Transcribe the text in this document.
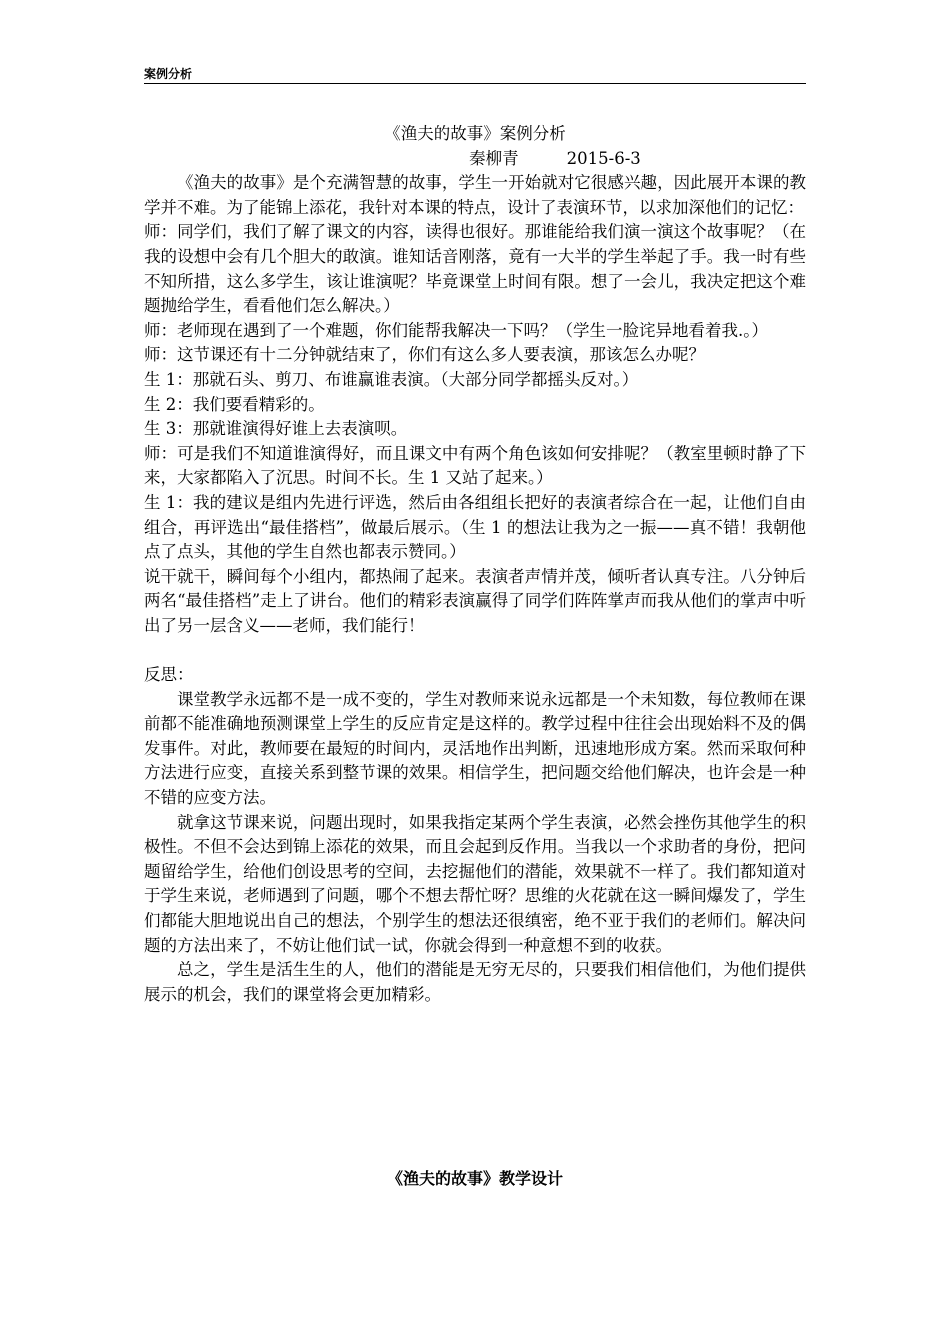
案例分析

《渔夫的故事》案例分析

秦柳青	2015-6-3

《渔夫的故事》是个充满智慧的故事，学生一开始就对它很感兴趣，因此展开本课的教学并不难。为了能锦上添花，我针对本课的特点，设计了表演环节，以求加深他们的记忆：

师：同学们，我们了解了课文的内容，读得也很好。那谁能给我们演一演这个故事呢？（在我的设想中会有几个胆大的敢演。谁知话音刚落，竟有一大半的学生举起了手。我一时有些不知所措，这么多学生，该让谁演呢？毕竟课堂上时间有限。想了一会儿，我决定把这个难题抛给学生，看看他们怎么解决。）

师：老师现在遇到了一个难题，你们能帮我解决一下吗？（学生一脸诧异地看着我.。）

师：这节课还有十二分钟就结束了，你们有这么多人要表演，那该怎么办呢？

生 1：那就石头、剪刀、布谁赢谁表演。（大部分同学都摇头反对。）

生 2：我们要看精彩的。

生 3：那就谁演得好谁上去表演呗。

师：可是我们不知道谁演得好，而且课文中有两个角色该如何安排呢？（教室里顿时静了下来，大家都陷入了沉思。时间不长。生 1 又站了起来。）

生 1：我的建议是组内先进行评选，然后由各组组长把好的表演者综合在一起，让他们自由组合，再评选出“最佳搭档”，做最后展示。（生 1 的想法让我为之一振——真不错！我朝他点了点头，其他的学生自然也都表示赞同。）

说干就干，瞬间每个小组内，都热闹了起来。表演者声情并茂，倾听者认真专注。八分钟后两名“最佳搭档”走上了讲台。他们的精彩表演赢得了同学们阵阵掌声而我从他们的掌声中听出了另一层含义——老师，我们能行！

反思：

课堂教学永远都不是一成不变的，学生对教师来说永远都是一个未知数，每位教师在课前都不能准确地预测课堂上学生的反应肯定是这样的。教学过程中往往会出现始料不及的偶发事件。对此，教师要在最短的时间内，灵活地作出判断，迅速地形成方案。然而采取何种方法进行应变，直接关系到整节课的效果。相信学生，把问题交给他们解决，也许会是一种不错的应变方法。

就拿这节课来说，问题出现时，如果我指定某两个学生表演，必然会挫伤其他学生的积极性。不但不会达到锦上添花的效果，而且会起到反作用。当我以一个求助者的身份，把问题留给学生，给他们创设思考的空间，去挖掘他们的潜能，效果就不一样了。我们都知道对于学生来说，老师遇到了问题，哪个不想去帮忙呀？思维的火花就在这一瞬间爆发了，学生们都能大胆地说出自己的想法，个别学生的想法还很缜密，绝不亚于我们的老师们。解决问题的方法出来了，不妨让他们试一试，你就会得到一种意想不到的收获。

总之，学生是活生生的人，他们的潜能是无穷无尽的，只要我们相信他们，为他们提供展示的机会，我们的课堂将会更加精彩。

《渔夫的故事》教学设计
